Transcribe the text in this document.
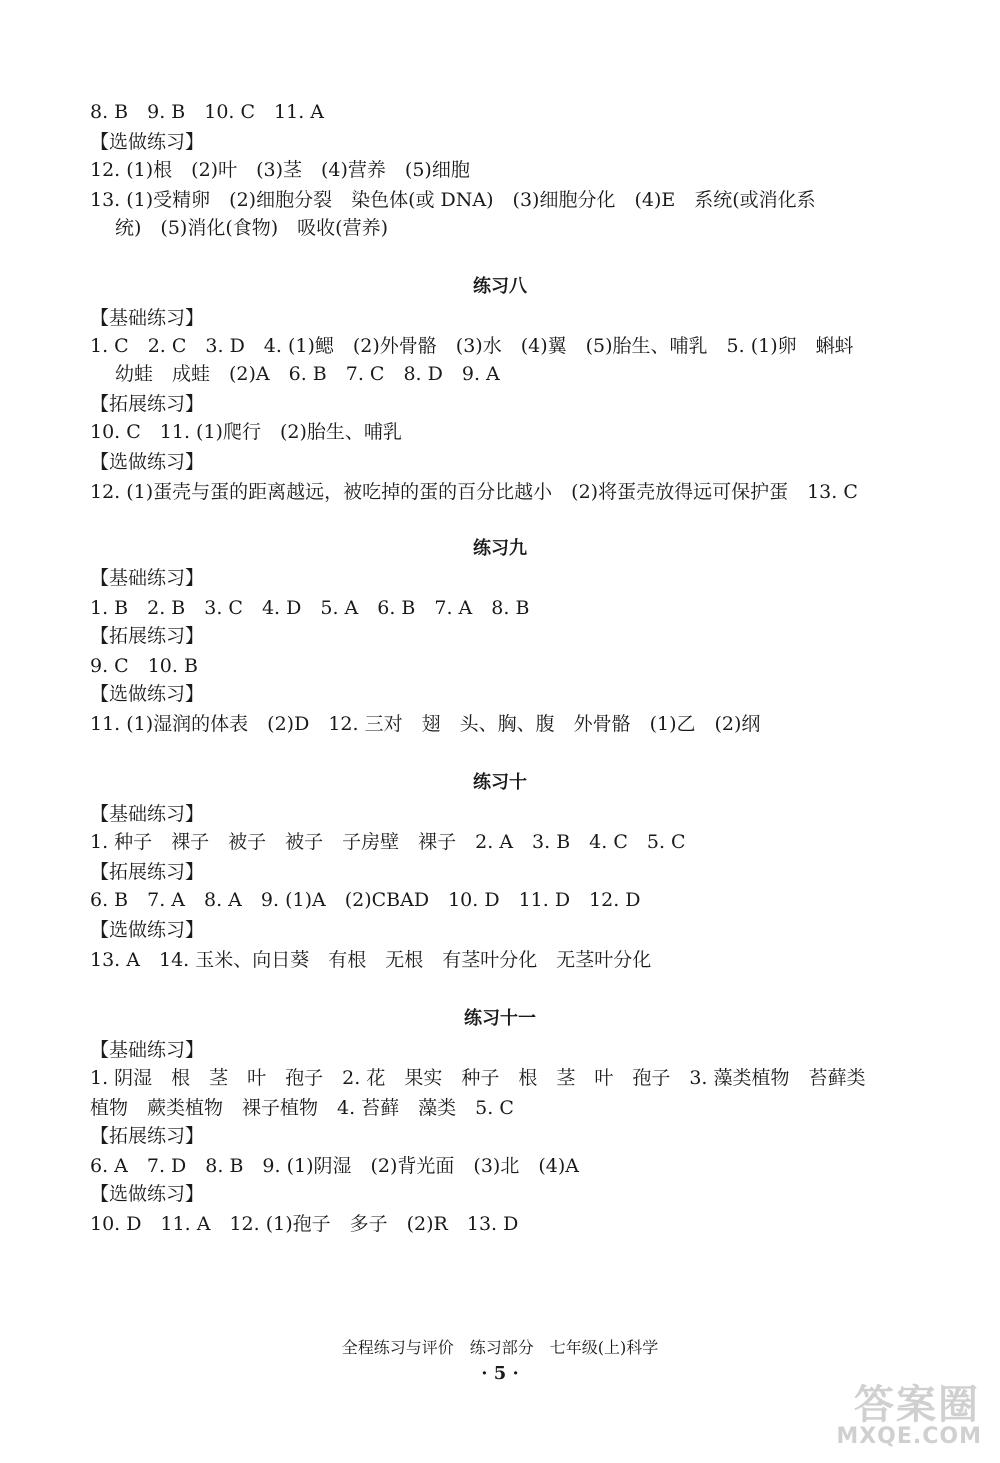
8. B　9. B　10. C　11. A
【选做练习】
12. (1)根　(2)叶　(3)茎　(4)营养　(5)细胞
13. (1)受精卵　(2)细胞分裂　染色体(或 DNA)　(3)细胞分化　(4)E　系统(或消化系
统)　(5)消化(食物)　吸收(营养)
练习八
【基础练习】
1. C　2. C　3. D　4. (1)鳃　(2)外骨骼　(3)水　(4)翼　(5)胎生、哺乳　5. (1)卵　蝌蚪
幼蛙　成蛙　(2)A　6. B　7. C　8. D　9. A
【拓展练习】
10. C　11. (1)爬行　(2)胎生、哺乳
【选做练习】
12. (1)蛋壳与蛋的距离越远，被吃掉的蛋的百分比越小　(2)将蛋壳放得远可保护蛋　13. C
练习九
【基础练习】
1. B　2. B　3. C　4. D　5. A　6. B　7. A　8. B
【拓展练习】
9. C　10. B
【选做练习】
11. (1)湿润的体表　(2)D　12. 三对　翅　头、胸、腹　外骨骼　(1)乙　(2)纲
练习十
【基础练习】
1. 种子　裸子　被子　被子　子房壁　裸子　2. A　3. B　4. C　5. C
【拓展练习】
6. B　7. A　8. A　9. (1)A　(2)CBAD　10. D　11. D　12. D
【选做练习】
13. A　14. 玉米、向日葵　有根　无根　有茎叶分化　无茎叶分化
练习十一
【基础练习】
1. 阴湿　根　茎　叶　孢子　2. 花　果实　种子　根　茎　叶　孢子　3. 藻类植物　苔藓类
植物　蕨类植物　裸子植物　4. 苔藓　藻类　5. C
【拓展练习】
6. A　7. D　8. B　9. (1)阴湿　(2)背光面　(3)北　(4)A
【选做练习】
10. D　11. A　12. (1)孢子　多子　(2)R　13. D
全程练习与评价　练习部分　七年级(上)科学
· 5 ·
答案圈
MXQE.COM
